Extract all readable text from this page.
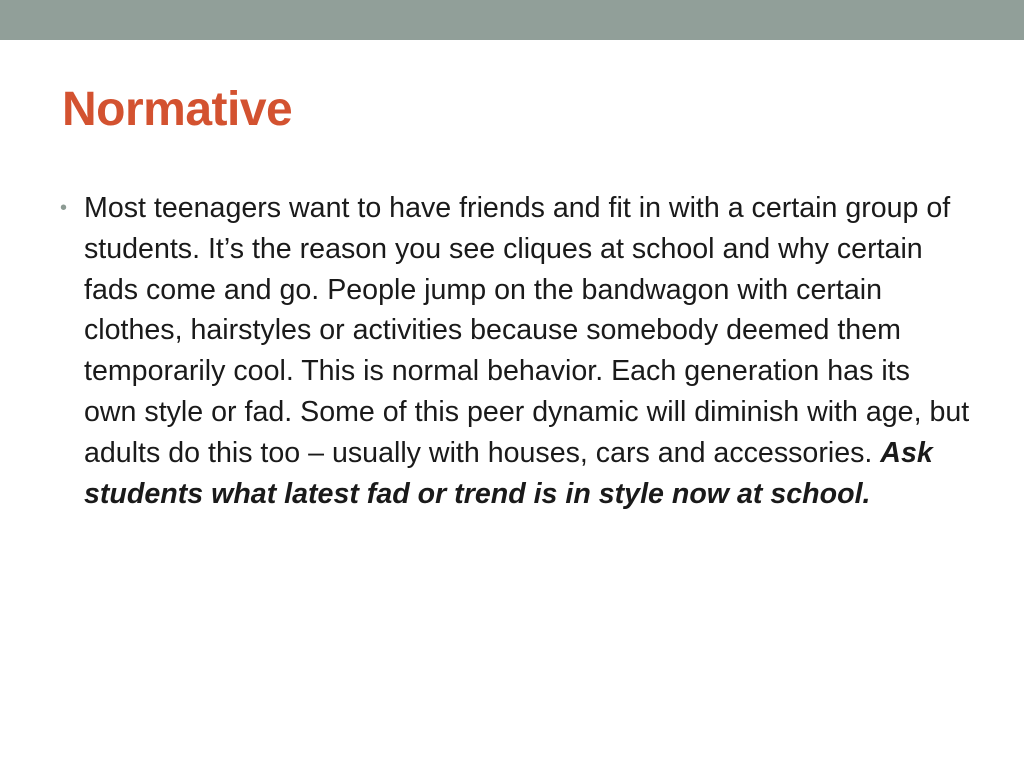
Normative
• Most teenagers want to have friends and fit in with a certain group of students. It’s the reason you see cliques at school and why certain fads come and go. People jump on the bandwagon with certain clothes, hairstyles or activities because somebody deemed them temporarily cool. This is normal behavior. Each generation has its own style or fad. Some of this peer dynamic will diminish with age, but adults do this too – usually with houses, cars and accessories. Ask students what latest fad or trend is in style now at school.
